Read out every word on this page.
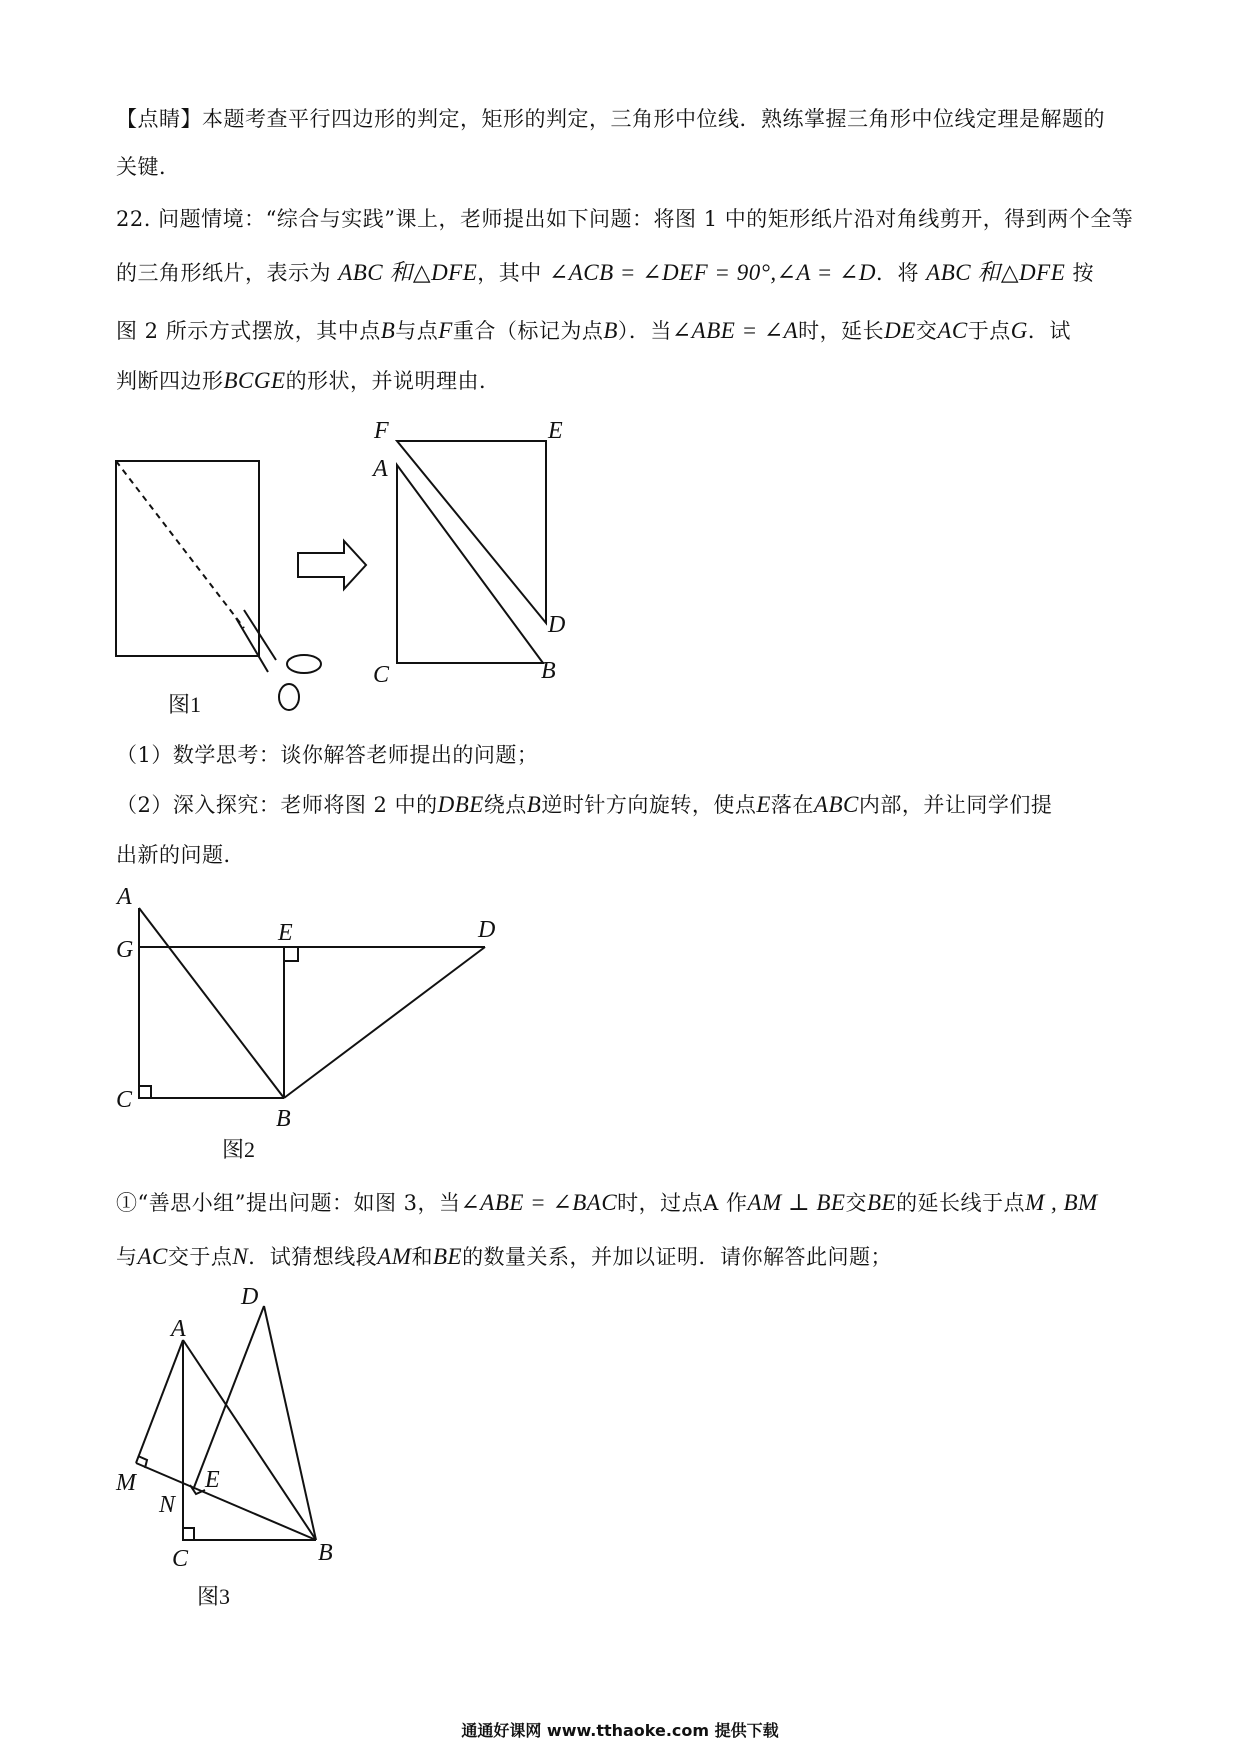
【点睛】本题考查平行四边形的判定，矩形的判定，三角形中位线．熟练掌握三角形中位线定理是解题的
关键．
22. 问题情境：“综合与实践”课上，老师提出如下问题：将图 1 中的矩形纸片沿对角线剪开，得到两个全等
的三角形纸片，表示为 ABC 和△DFE，其中 ∠ACB = ∠DEF = 90°,∠A = ∠D．将 ABC 和△DFE 按
图 2 所示方式摆放，其中点B与点F重合（标记为点B）．当∠ABE = ∠A时，延长DE交AC于点G．试
判断四边形BCGE的形状，并说明理由．
F	E
A
D
C	B
图1
（1）数学思考：谈你解答老师提出的问题；
（2）深入探究：老师将图 2 中的DBE绕点B逆时针方向旋转，使点E落在ABC内部，并让同学们提
出新的问题．
A
E	D
G
C
B
图2
①“善思小组”提出问题：如图 3，当∠ABE = ∠BAC时，过点A 作AM ⊥ BE交BE的延长线于点M , BM
与AC交于点N．试猜想线段AM和BE的数量关系，并加以证明．请你解答此问题；
D
A
M	E
N
C	B
图3
通通好课网 www.tthaoke.com 提供下载
